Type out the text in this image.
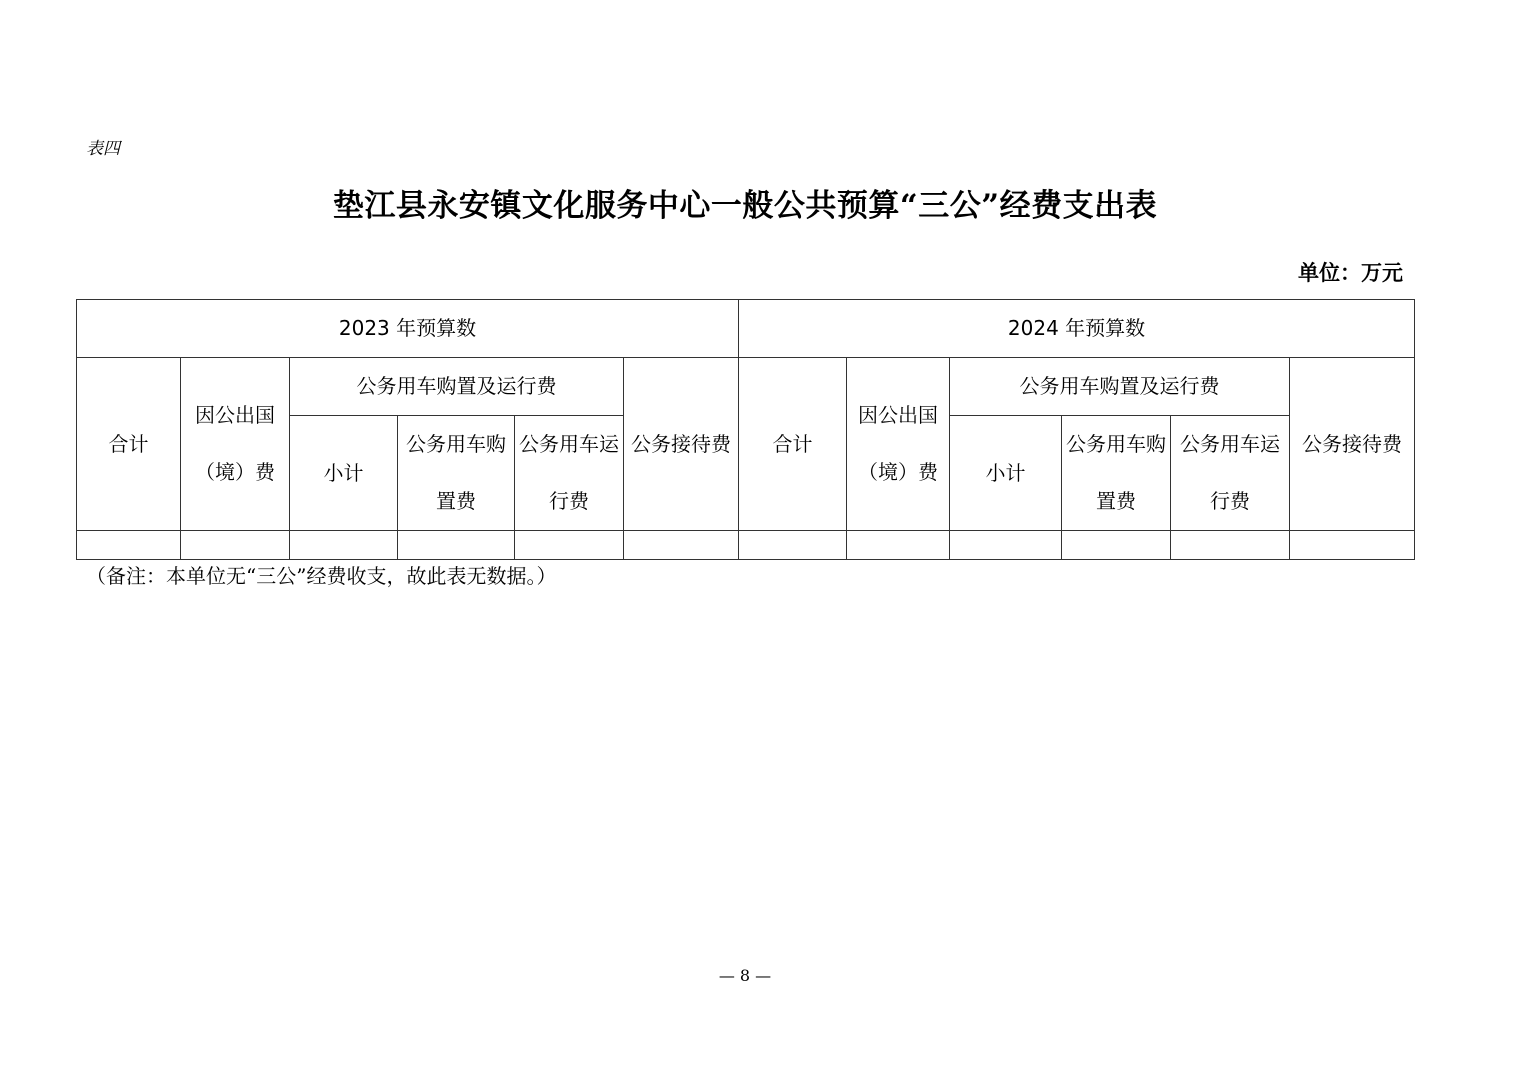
表四
垫江县永安镇文化服务中心一般公共预算“三公”经费支出表
单位：万元
2023 年预算数						2024 年预算数					
合计	因公出国（境）费	公务用车购置及运行费			公务接待费	合计	因公出国（境）费	公务用车购置及运行费			公务接待费
		小计	公务用车购置费	公务用车运行费				小计	公务用车购置费	公务用车运行费	

（备注：本单位无“三公”经费收支，故此表无数据。）
— 8 —
